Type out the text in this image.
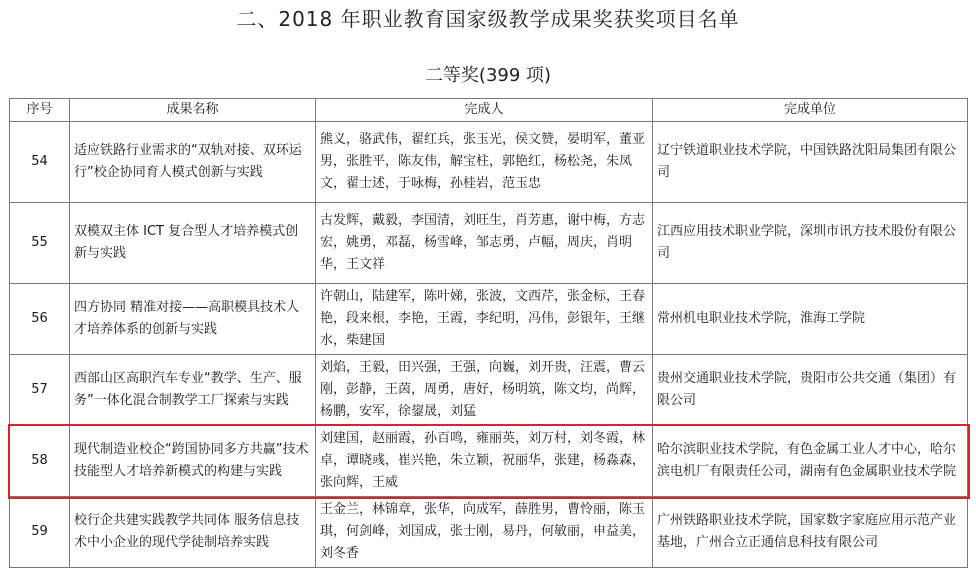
二、2018 年职业教育国家级教学成果奖获奖项目名单
二等奖(399 项)
序号	成果名称	完成人	完成单位
54	适应铁路行业需求的“双轨对接、双环运行”校企协同育人模式创新与实践	熊义，骆武伟，翟红兵，张玉光，侯文赞，晏明军，董亚男，张胜平，陈友伟，解宝柱，郭艳红，杨松尧，朱凤文，翟士述，于咏梅，孙桂岩，范玉忠	辽宁铁道职业技术学院，中国铁路沈阳局集团有限公司
55	双模双主体 ICT 复合型人才培养模式创新与实践	古发辉，戴毅，李国清，刘旺生，肖芳惠，谢中梅，方志宏，姚勇，邓磊，杨雪峰，邹志勇，卢幅，周庆，肖明华，王文祥	江西应用技术职业学院，深圳市讯方技术股份有限公司
56	四方协同 精准对接——高职模具技术人才培养体系的创新与实践	许朝山，陆建军，陈叶娣，张波，文西芹，张金标，王春艳，段来根，李艳，王霞，李纪明，冯伟，彭银年，王继水，柴建国	常州机电职业技术学院，淮海工学院
57	西部山区高职汽车专业“教学、生产、服务”一体化混合制教学工厂探索与实践	刘焰，王毅，田兴强，王强，向巍，刘开贵，汪震，曹云刚，彭静，王茵，周勇，唐好，杨明筑，陈文均，尚辉，杨鹏，安军，徐鋆晟，刘猛	贵州交通职业技术学院，贵阳市公共交通（集团）有限公司
58	现代制造业校企“跨国协同多方共赢”技术技能型人才培养新模式的构建与实践	刘建国，赵丽霞，孙百鸣，雍丽英，刘万村，刘冬霞，林卓，谭晓彧，崔兴艳，朱立颖，祝丽华，张建，杨淼森，张向辉，王威	哈尔滨职业技术学院，有色金属工业人才中心，哈尔滨电机厂有限责任公司，湖南有色金属职业技术学院
59	校行企共建实践教学共同体 服务信息技术中小企业的现代学徒制培养实践	王金兰，林锦章，张华，向成军，薛胜男，曹怜丽，陈玉琪，何剑峰，刘国成，张士刚，易丹，何敏丽，申益美，刘冬香	广州铁路职业技术学院，国家数字家庭应用示范产业基地，广州合立正通信息科技有限公司
